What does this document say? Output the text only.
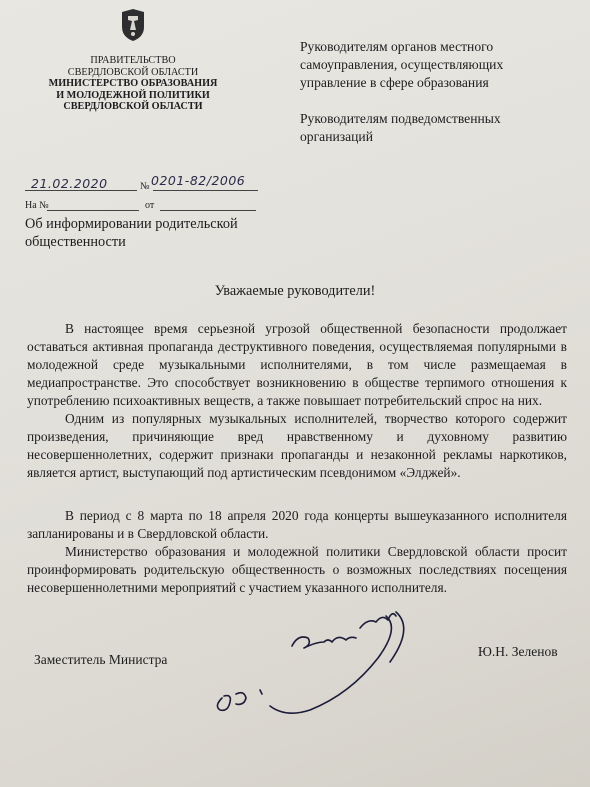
ПРАВИТЕЛЬСТВО
СВЕРДЛОВСКОЙ ОБЛАСТИ
МИНИСТЕРСТВО ОБРАЗОВАНИЯ
И МОЛОДЕЖНОЙ ПОЛИТИКИ
СВЕРДЛОВСКОЙ ОБЛАСТИ
Руководителям органов местного самоуправления, осуществляющих управление в сфере образования
Руководителям подведомственных организаций
21.02.2020	№ 0201-82/2006
На №	от
Об информировании родительской
общественности
Уважаемые руководители!

В настоящее время серьезной угрозой общественной безопасности продолжает оставаться активная пропаганда деструктивного поведения, осуществляемая популярными в молодежной среде музыкальными исполнителями, в том числе размещаемая в медиапространстве. Это способствует возникновению в обществе терпимого отношения к употреблению психоактивных веществ, а также повышает потребительский спрос на них.

Одним из популярных музыкальных исполнителей, творчество которого содержит произведения, причиняющие вред нравственному и духовному развитию несовершеннолетних, содержит признаки пропаганды и незаконной рекламы наркотиков, является артист, выступающий под артистическим псевдонимом «Элджей».

В период с 8 марта по 18 апреля 2020 года концерты вышеуказанного исполнителя запланированы и в Свердловской области.

Министерство образования и молодежной политики Свердловской области просит проинформировать родительскую общественность о возможных последствиях посещения несовершеннолетними мероприятий с участием указанного исполнителя.

Заместитель Министра
Ю.Н. Зеленов
